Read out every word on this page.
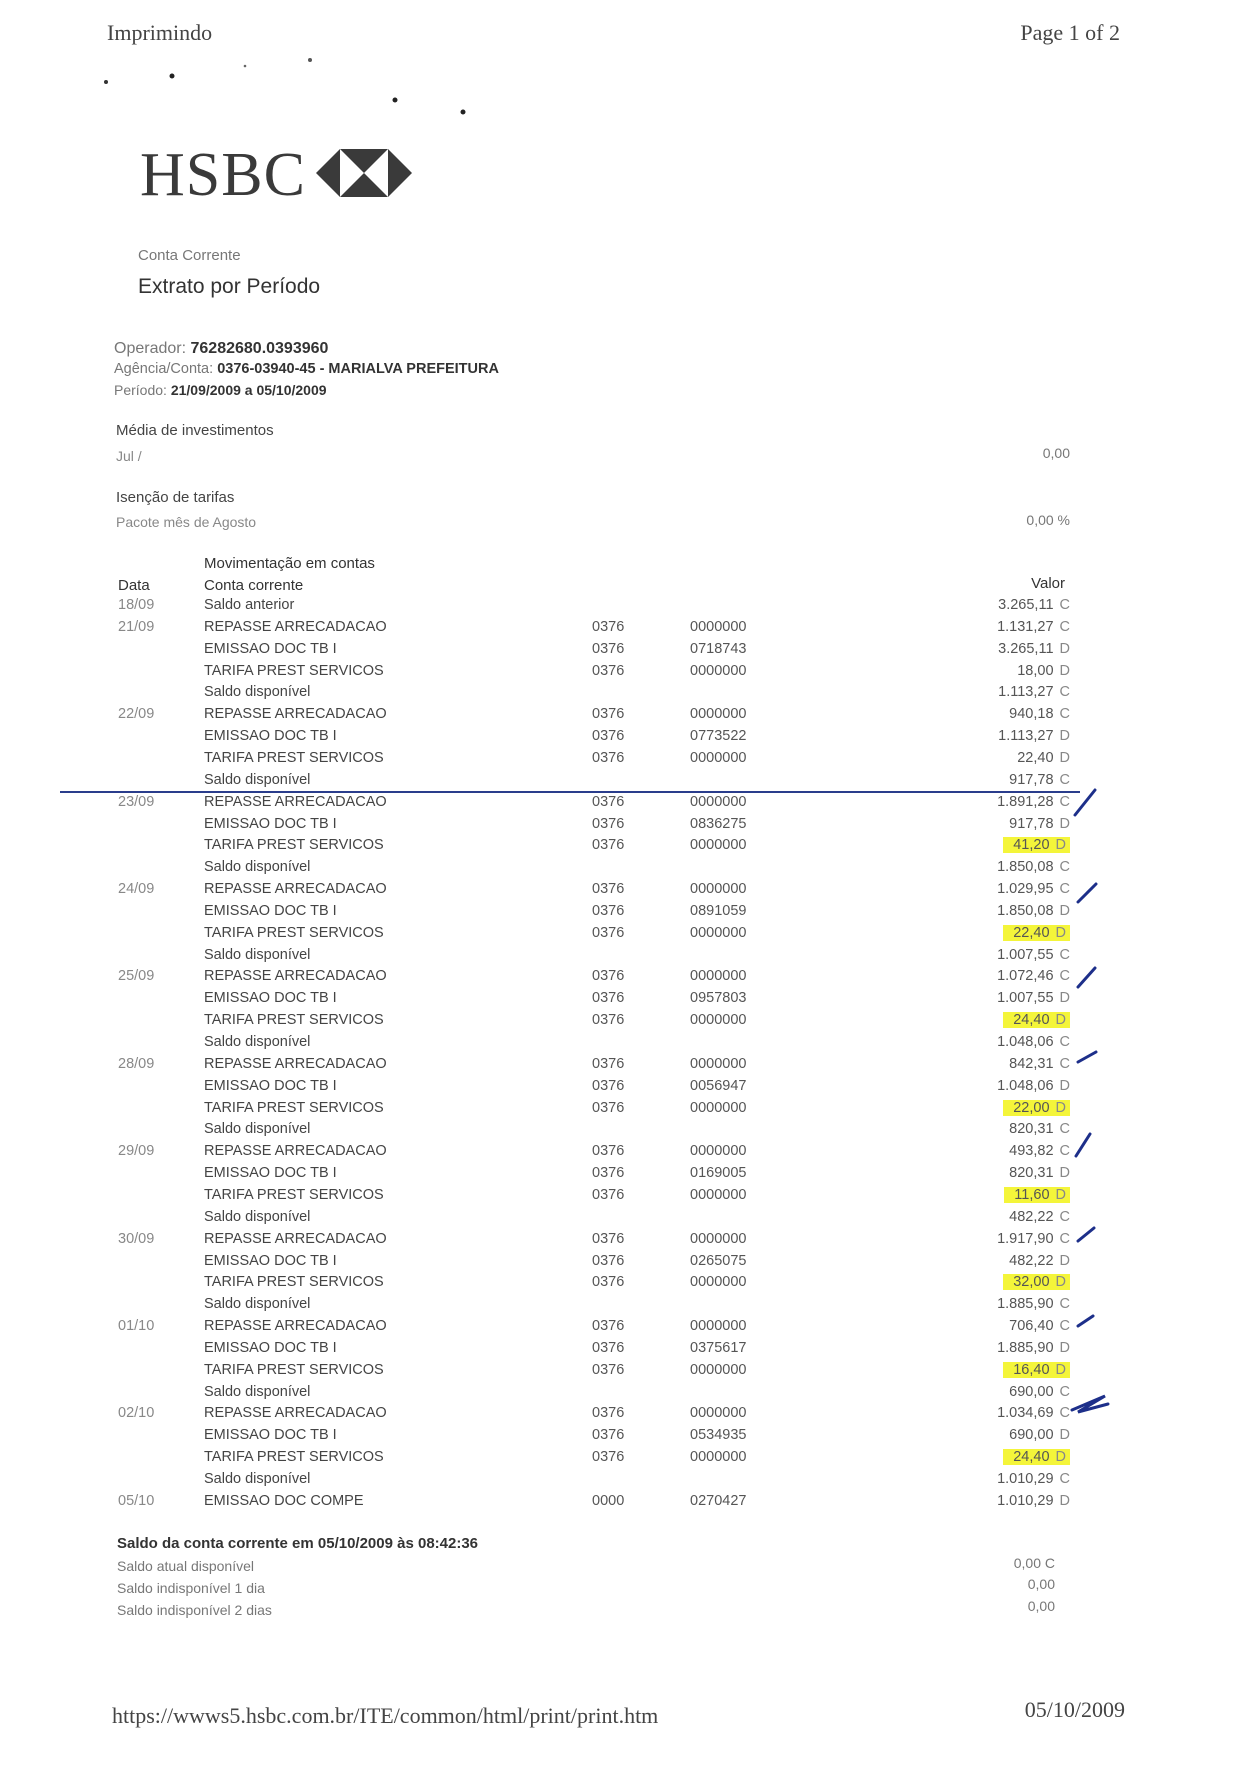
Imprimindo	Page 1 of 2
HSBC
Conta Corrente
Extrato por Período
Operador: 76282680.0393960
Agência/Conta: 0376-03940-45 - MARIALVA PREFEITURA
Período: 21/09/2009 a 05/10/2009
Média de investimentos
Jul /	0,00
Isenção de tarifas
Pacote mês de Agosto	0,00 %
Movimentação em contas
Data	Conta corrente	Valor
18/09	Saldo anterior	3.265,11 C
21/09	REPASSE ARRECADACAO	0376	0000000	1.131,27 C
EMISSAO DOC TB I	0376	0718743	3.265,11 D
TARIFA PREST SERVICOS	0376	0000000	18,00 D
Saldo disponível	1.113,27 C
22/09	REPASSE ARRECADACAO	0376	0000000	940,18 C
EMISSAO DOC TB I	0376	0773522	1.113,27 D
TARIFA PREST SERVICOS	0376	0000000	22,40 D
Saldo disponível	917,78 C
23/09	REPASSE ARRECADACAO	0376	0000000	1.891,28 C
EMISSAO DOC TB I	0376	0836275	917,78 D
TARIFA PREST SERVICOS	0376	0000000	41,20 D
Saldo disponível	1.850,08 C
24/09	REPASSE ARRECADACAO	0376	0000000	1.029,95 C
EMISSAO DOC TB I	0376	0891059	1.850,08 D
TARIFA PREST SERVICOS	0376	0000000	22,40 D
Saldo disponível	1.007,55 C
25/09	REPASSE ARRECADACAO	0376	0000000	1.072,46 C
EMISSAO DOC TB I	0376	0957803	1.007,55 D
TARIFA PREST SERVICOS	0376	0000000	24,40 D
Saldo disponível	1.048,06 C
28/09	REPASSE ARRECADACAO	0376	0000000	842,31 C
EMISSAO DOC TB I	0376	0056947	1.048,06 D
TARIFA PREST SERVICOS	0376	0000000	22,00 D
Saldo disponível	820,31 C
29/09	REPASSE ARRECADACAO	0376	0000000	493,82 C
EMISSAO DOC TB I	0376	0169005	820,31 D
TARIFA PREST SERVICOS	0376	0000000	11,60 D
Saldo disponível	482,22 C
30/09	REPASSE ARRECADACAO	0376	0000000	1.917,90 C
EMISSAO DOC TB I	0376	0265075	482,22 D
TARIFA PREST SERVICOS	0376	0000000	32,00 D
Saldo disponível	1.885,90 C
01/10	REPASSE ARRECADACAO	0376	0000000	706,40 C
EMISSAO DOC TB I	0376	0375617	1.885,90 D
TARIFA PREST SERVICOS	0376	0000000	16,40 D
Saldo disponível	690,00 C
02/10	REPASSE ARRECADACAO	0376	0000000	1.034,69 C
EMISSAO DOC TB I	0376	0534935	690,00 D
TARIFA PREST SERVICOS	0376	0000000	24,40 D
Saldo disponível	1.010,29 C
05/10	EMISSAO DOC COMPE	0000	0270427	1.010,29 D
Saldo da conta corrente em 05/10/2009 às 08:42:36
Saldo atual disponível	0,00 C
Saldo indisponível 1 dia	0,00
Saldo indisponível 2 dias	0,00
https://wwws5.hsbc.com.br/ITE/common/html/print/print.htm	05/10/2009
